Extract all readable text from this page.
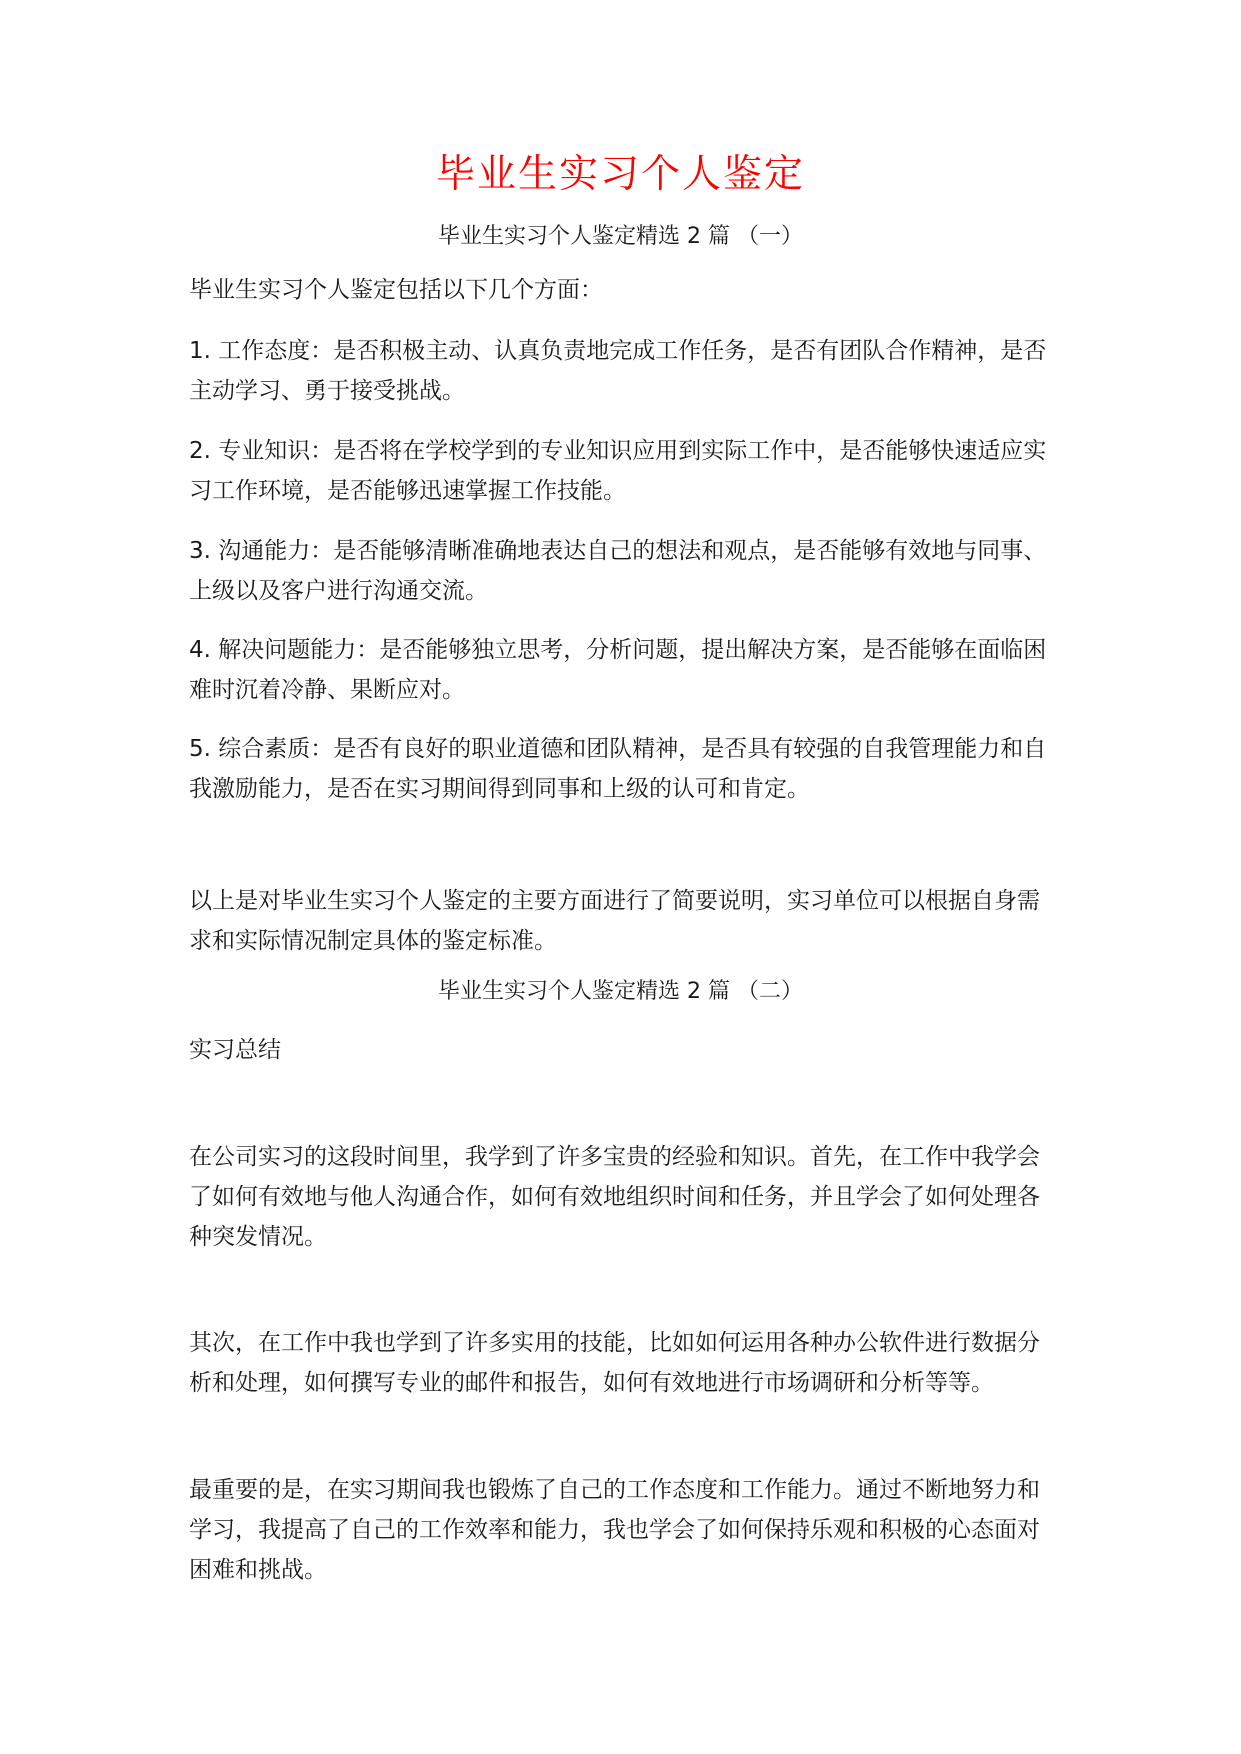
毕业生实习个人鉴定
毕业生实习个人鉴定精选 2 篇 （一）

毕业生实习个人鉴定包括以下几个方面：

1. 工作态度：是否积极主动、认真负责地完成工作任务，是否有团队合作精神，是否主动学习、勇于接受挑战。

2. 专业知识：是否将在学校学到的专业知识应用到实际工作中，是否能够快速适应实习工作环境，是否能够迅速掌握工作技能。

3. 沟通能力：是否能够清晰准确地表达自己的想法和观点，是否能够有效地与同事、上级以及客户进行沟通交流。

4. 解决问题能力：是否能够独立思考，分析问题，提出解决方案，是否能够在面临困难时沉着冷静、果断应对。

5. 综合素质：是否有良好的职业道德和团队精神，是否具有较强的自我管理能力和自我激励能力，是否在实习期间得到同事和上级的认可和肯定。

以上是对毕业生实习个人鉴定的主要方面进行了简要说明，实习单位可以根据自身需求和实际情况制定具体的鉴定标准。

毕业生实习个人鉴定精选 2 篇 （二）

实习总结

在公司实习的这段时间里，我学到了许多宝贵的经验和知识。首先，在工作中我学会了如何有效地与他人沟通合作，如何有效地组织时间和任务，并且学会了如何处理各种突发情况。

其次，在工作中我也学到了许多实用的技能，比如如何运用各种办公软件进行数据分析和处理，如何撰写专业的邮件和报告，如何有效地进行市场调研和分析等等。

最重要的是，在实习期间我也锻炼了自己的工作态度和工作能力。通过不断地努力和学习，我提高了自己的工作效率和能力，我也学会了如何保持乐观和积极的心态面对困难和挑战。
